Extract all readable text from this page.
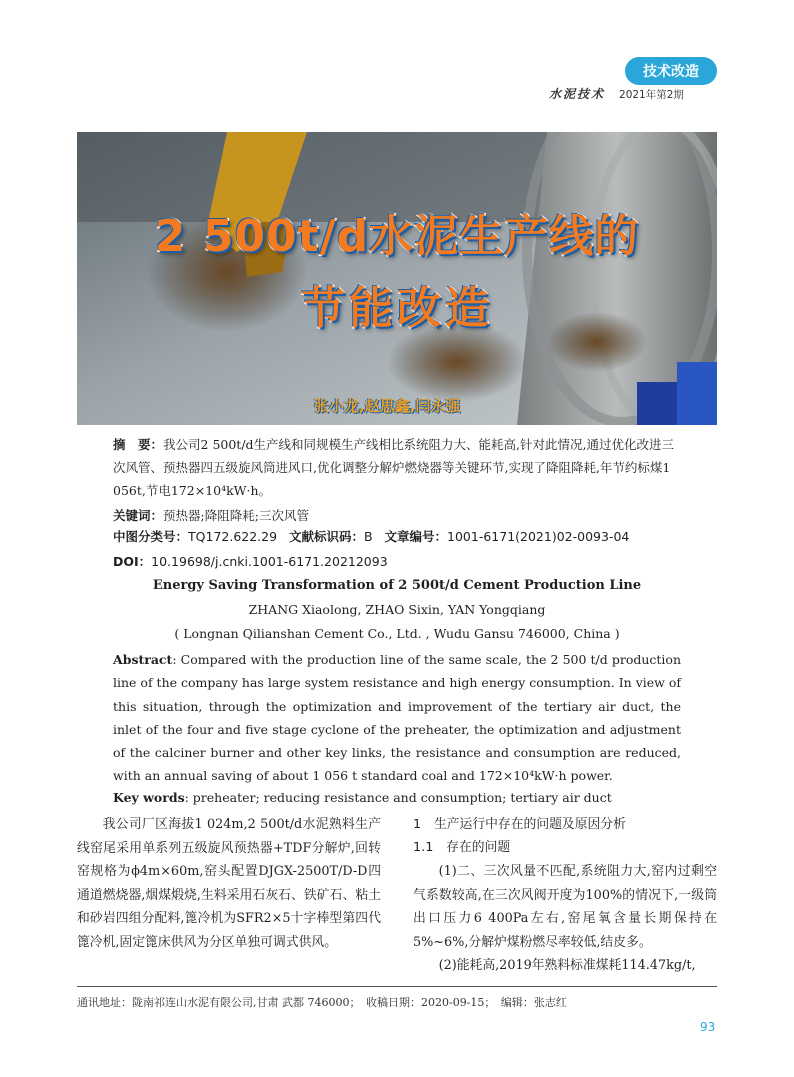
技术改造
水泥技术 2021年第2期
2 500t/d水泥生产线的
节能改造
张小龙,赵思鑫,闫永强
摘　要：我公司2 500t/d生产线和同规模生产线相比系统阻力大、能耗高,针对此情况,通过优化改进三次风管、预热器四五级旋风筒进风口,优化调整分解炉燃烧器等关键环节,实现了降阻降耗,年节约标煤1 056t,节电172×10⁴kW·h。
关键词：预热器;降阻降耗;三次风管
中图分类号：TQ172.622.29 文献标识码：B 文章编号：1001-6171(2021)02-0093-04
DOI：10.19698/j.cnki.1001-6171.20212093
Energy Saving Transformation of 2 500t/d Cement Production Line
ZHANG Xiaolong, ZHAO Sixin, YAN Yongqiang
( Longnan Qilianshan Cement Co., Ltd. , Wudu Gansu 746000, China )
Abstract: Compared with the production line of the same scale, the 2 500 t/d production line of the company has large system resistance and high energy consumption. In view of this situation, through the optimization and improvement of the tertiary air duct, the inlet of the four and five stage cyclone of the preheater, the optimization and adjustment of the calciner burner and other key links, the resistance and consumption are reduced, with an annual saving of about 1 056 t standard coal and 172×10⁴kW·h power.
Key words: preheater; reducing resistance and consumption; tertiary air duct

我公司厂区海拔1 024m,2 500t/d水泥熟料生产线窑尾采用单系列五级旋风预热器+TDF分解炉,回转窑规格为ϕ4m×60m,窑头配置DJGX-2500T/D-D四通道燃烧器,烟煤煅烧,生料采用石灰石、铁矿石、粘土和砂岩四组分配料,篦冷机为SFR2×5十字棒型第四代篦冷机,固定篦床供风为分区单独可调式供风。

1　生产运行中存在的问题及原因分析
1.1　存在的问题

(1)二、三次风量不匹配,系统阻力大,窑内过剩空气系数较高,在三次风阀开度为100%的情况下,一级筒出口压力6 400Pa左右,窑尾氧含量长期保持在5%~6%,分解炉煤粉燃尽率较低,结皮多。

(2)能耗高,2019年熟料标准煤耗114.47kg/t,

通讯地址：陇南祁连山水泥有限公司,甘肃 武都 746000；　收稿日期：2020-09-15；　编辑：张志红
93
